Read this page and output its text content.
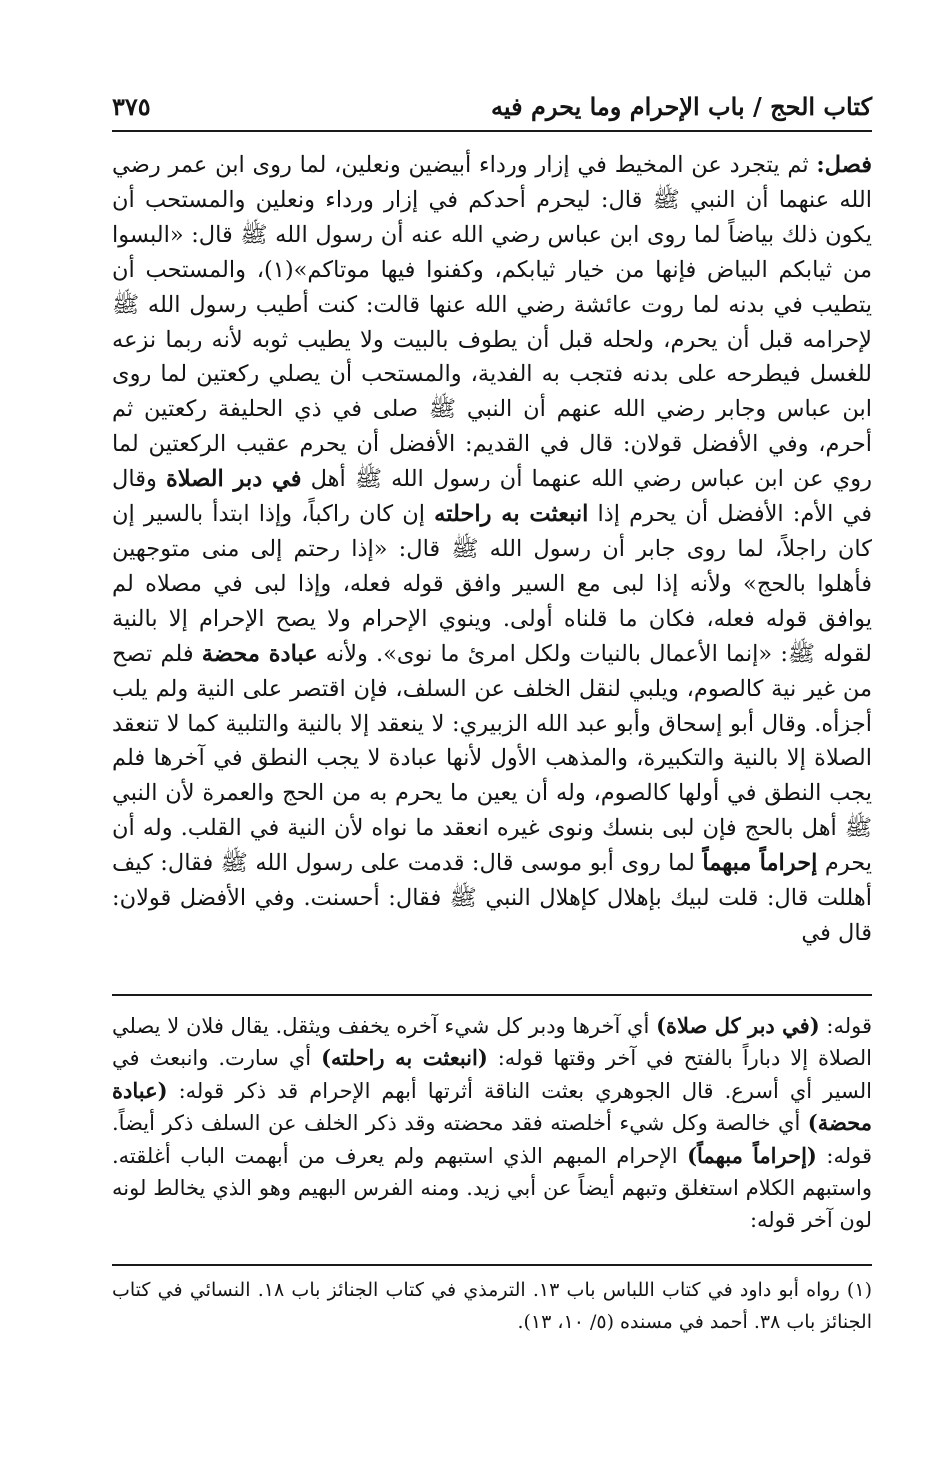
كتاب الحج / باب الإحرام وما يحرم فيه
٣٧٥

فصل: ثم يتجرد عن المخيط في إزار ورداء أبيضين ونعلين، لما روى ابن عمر رضي الله عنهما أن النبي ﷺ قال: ليحرم أحدكم في إزار ورداء ونعلين والمستحب أن يكون ذلك بياضاً لما روى ابن عباس رضي الله عنه أن رسول الله ﷺ قال: «البسوا من ثيابكم البياض فإنها من خيار ثيابكم، وكفنوا فيها موتاكم»(١)، والمستحب أن يتطيب في بدنه لما روت عائشة رضي الله عنها قالت: كنت أطيب رسول الله ﷺ لإحرامه قبل أن يحرم، ولحله قبل أن يطوف بالبيت ولا يطيب ثوبه لأنه ربما نزعه للغسل فيطرحه على بدنه فتجب به الفدية، والمستحب أن يصلي ركعتين لما روى ابن عباس وجابر رضي الله عنهم أن النبي ﷺ صلى في ذي الحليفة ركعتين ثم أحرم، وفي الأفضل قولان: قال في القديم: الأفضل أن يحرم عقيب الركعتين لما روي عن ابن عباس رضي الله عنهما أن رسول الله ﷺ أهل في دبر الصلاة وقال في الأم: الأفضل أن يحرم إذا انبعثت به راحلته إن كان راكباً، وإذا ابتدأ بالسير إن كان راجلاً، لما روى جابر أن رسول الله ﷺ قال: «إذا رحتم إلى منى متوجهين فأهلوا بالحج» ولأنه إذا لبى مع السير وافق قوله فعله، وإذا لبى في مصلاه لم يوافق قوله فعله، فكان ما قلناه أولى. وينوي الإحرام ولا يصح الإحرام إلا بالنية لقوله ﷺ: «إنما الأعمال بالنيات ولكل امرئ ما نوى». ولأنه عبادة محضة فلم تصح من غير نية كالصوم، ويلبي لنقل الخلف عن السلف، فإن اقتصر على النية ولم يلب أجزأه. وقال أبو إسحاق وأبو عبد الله الزبيري: لا ينعقد إلا بالنية والتلبية كما لا تنعقد الصلاة إلا بالنية والتكبيرة، والمذهب الأول لأنها عبادة لا يجب النطق في آخرها فلم يجب النطق في أولها كالصوم، وله أن يعين ما يحرم به من الحج والعمرة لأن النبي ﷺ أهل بالحج فإن لبى بنسك ونوى غيره انعقد ما نواه لأن النية في القلب. وله أن يحرم إحراماً مبهماً لما روى أبو موسى قال: قدمت على رسول الله ﷺ فقال: كيف أهللت قال: قلت لبيك بإهلال كإهلال النبي ﷺ فقال: أحسنت. وفي الأفضل قولان: قال في

قوله: (في دبر كل صلاة) أي آخرها ودبر كل شيء آخره يخفف ويثقل. يقال فلان لا يصلي الصلاة إلا دباراً بالفتح في آخر وقتها قوله: (انبعثت به راحلته) أي سارت. وانبعث في السير أي أسرع. قال الجوهري بعثت الناقة أثرتها أبهم الإحرام قد ذكر قوله: (عبادة محضة) أي خالصة وكل شيء أخلصته فقد محضته وقد ذكر الخلف عن السلف ذكر أيضاً. قوله: (إحراماً مبهماً) الإحرام المبهم الذي استبهم ولم يعرف من أبهمت الباب أغلقته. واستبهم الكلام استغلق وتبهم أيضاً عن أبي زيد. ومنه الفرس البهيم وهو الذي يخالط لونه لون آخر قوله:

(١) رواه أبو داود في كتاب اللباس باب ١٣. الترمذي في كتاب الجنائز باب ١٨. النسائي في كتاب الجنائز باب ٣٨. أحمد في مسنده (٥/ ١٠، ١٣).
